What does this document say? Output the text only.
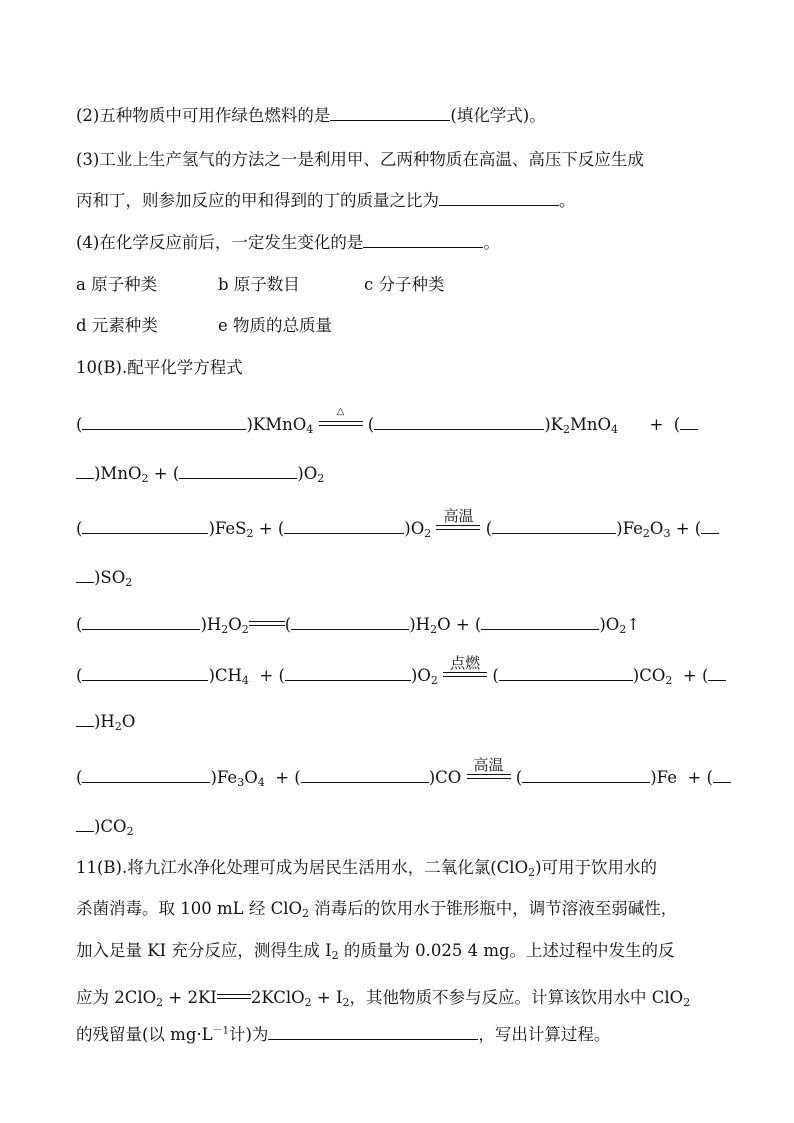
(2)五种物质中可用作绿色燃料的是	(填化学式)。
(3)工业上生产氢气的方法之一是利用甲、乙两种物质在高温、高压下反应生成
丙和丁，则参加反应的甲和得到的丁的质量之比为	。
(4)在化学反应前后，一定发生变化的是	。
a 原子种类	b 原子数目	c 分子种类
d 元素种类	e 物质的总质量
10(B).配平化学方程式
(	)KMnO$_4$
△
(	)$K_2MnO_4$      +  (
)MnO$_2$ + (	)$O_2$
(	)FeS$_2$ + (	)$O_2$
高温
(	)$Fe_2O_3$ + (
)$SO_2$
(	)$H_2O_2$ (	)$H_2O$ + (	)$O_2↑$
(	)$CH_4$  + (	)$O_2$
点燃
(	)$CO_2$  + (
)$H_2O$
(	)$Fe_3O_4$  + (	)CO
高温
(	)Fe  + (
)$CO_2$
11(B).将九江水净化处理可成为居民生活用水，二氧化氯(ClO$_2$)可用于饮用水的
杀菌消毒。取 100 mL 经 ClO$_2$ 消毒后的饮用水于锥形瓶中，调节溶液至弱碱性，
加入足量 KI 充分反应，测得生成 $I_2$ 的质量为 0.025 4 mg。上述过程中发生的反
应为 2ClO$_2$ + 2KI 2KClO$_2$ + $I_2$，其他物质不参与反应。计算该饮用水中 ClO$_2$
的残留量(以 $mg\cdot L^{-1}$计)为	，写出计算过程。
